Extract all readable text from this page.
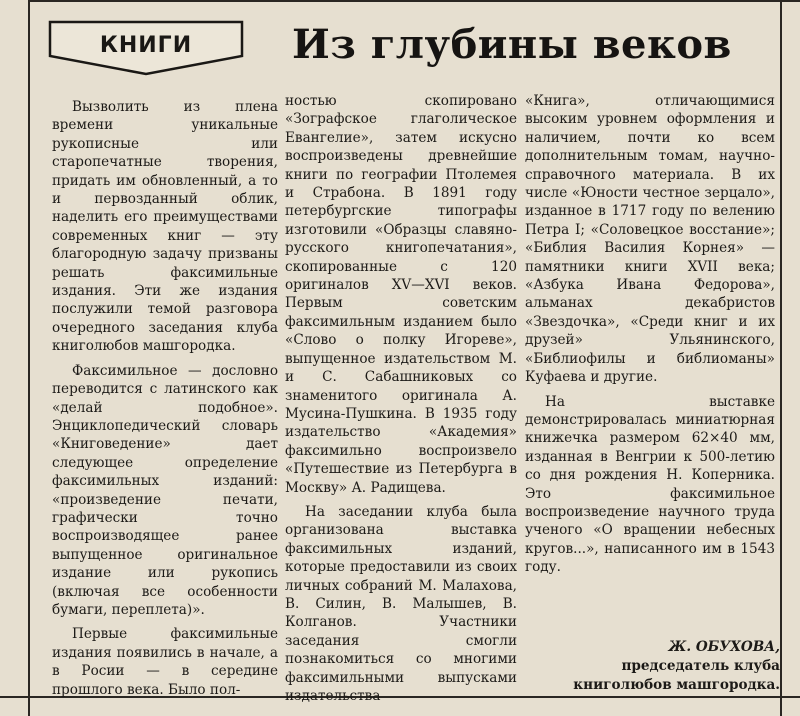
КНИГИ	Из глубины веков

Вызволить из плена времени уникальные рукописные или старопечатные творения, придать им обновленный, а то и первозданный облик, наделить его преимуществами современных книг — эту благородную задачу призваны решать факсимильные издания. Эти же издания послужили темой разговора очередного заседания клуба книголюбов машгородка.

Факсимильное — дословно переводится с латинского как «делай подобное». Энциклопедический словарь «Книговедение» дает следующее определение факсимильных изданий: «произведение печати, графически точно воспроизводящее ранее выпущенное оригинальное издание или рукопись (включая все особенности бумаги, переплета)».

Первые факсимильные издания появились в начале, а в Росии — в середине прошлого века. Было пол-

ностью скопировано «Зографское глаголическое Евангелие», затем искусно воспроизведены древнейшие книги по географии Птолемея и Страбона. В 1891 году петербургские типографы изготовили «Образцы славяно-русского книгопечатания», скопированные с 120 оригиналов XV—XVI веков. Первым советским факсимильным изданием было «Слово о полку Игореве», выпущенное издательством М. и С. Сабашниковых со знаменитого оригинала А. Мусина-Пушкина. В 1935 году издательство «Академия» факсимильно воспроизвело «Путешествие из Петербурга в Москву» А. Радищева.

На заседании клуба была организована выставка факсимильных изданий, которые предоставили из своих личных собраний М. Малахова, В. Силин, В. Малышев, В. Колганов. Участники заседания смогли познакомиться со многими факсимильными выпусками издательства

«Книга», отличающимися высоким уровнем оформления и наличием, почти ко всем дополнительным томам, научно-справочного материала. В их числе «Юности честное зерцало», изданное в 1717 году по велению Петра I; «Соловецкое восстание»; «Библия Василия Корнея» — памятники книги XVII века; «Азбука Ивана Федорова», альманах декабристов «Звездочка», «Среди книг и их друзей» Ульянинского, «Библиофилы и библиоманы» Куфаева и другие.

На выставке демонстрировалась миниатюрная книжечка размером 62×40 мм, изданная в Венгрии к 500-летию со дня рождения Н. Коперника. Это факсимильное воспроизведение научного труда ученого «О вращении небесных кругов...», написанного им в 1543 году.

Ж. ОБУХОВА,
председатель клуба книголюбов машгородка.
